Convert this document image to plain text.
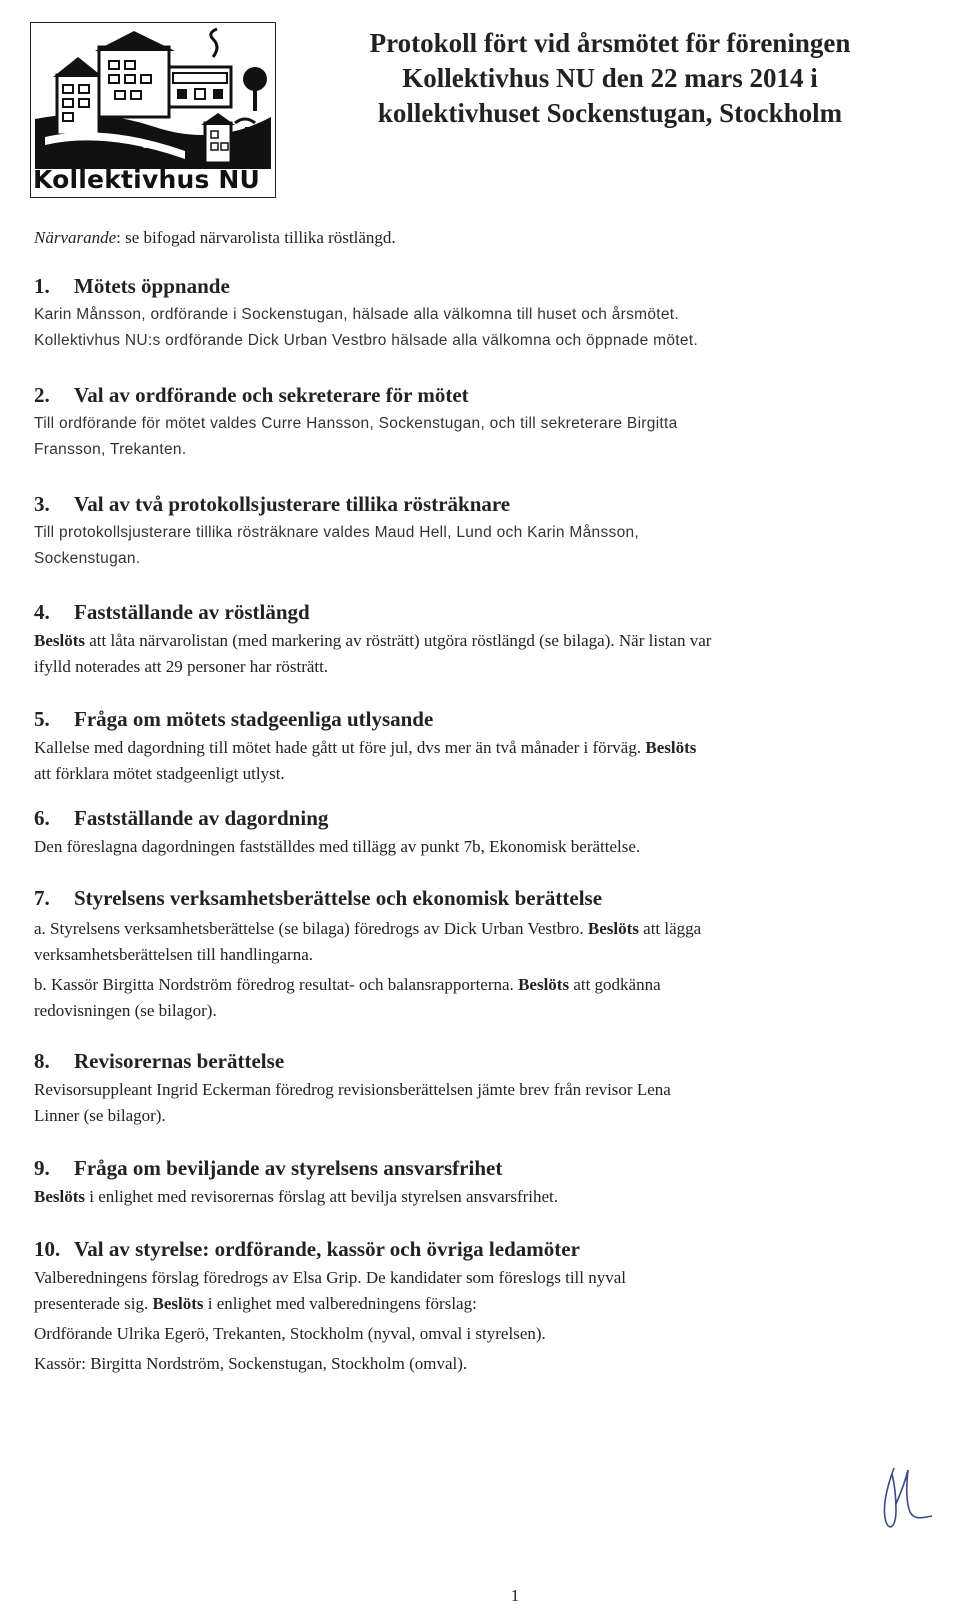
Kollektivhus NU
Protokoll fört vid årsmötet för föreningen
Kollektivhus NU den 22 mars 2014 i
kollektivhuset Sockenstugan, Stockholm
Närvarande: se bifogad närvarolista tillika röstlängd.
1. Mötets öppnande
Karin Månsson, ordförande i Sockenstugan, hälsade alla välkomna till huset och årsmötet.
Kollektivhus NU:s ordförande Dick Urban Vestbro hälsade alla välkomna och öppnade mötet.
2. Val av ordförande och sekreterare för mötet
Till ordförande för mötet valdes Curre Hansson, Sockenstugan, och till sekreterare Birgitta
Fransson, Trekanten.
3. Val av två protokollsjusterare tillika rösträknare
Till protokollsjusterare tillika rösträknare valdes Maud Hell, Lund och Karin Månsson,
Sockenstugan.
4. Fastställande av röstlängd
Beslöts att låta närvarolistan (med markering av rösträtt) utgöra röstlängd (se bilaga). När listan var
ifylld noterades att 29 personer har rösträtt.
5. Fråga om mötets stadgeenliga utlysande
Kallelse med dagordning till mötet hade gått ut före jul, dvs mer än två månader i förväg. Beslöts
att förklara mötet stadgeenligt utlyst.
6. Fastställande av dagordning
Den föreslagna dagordningen fastställdes med tillägg av punkt 7b, Ekonomisk berättelse.
7. Styrelsens verksamhetsberättelse och ekonomisk berättelse
a. Styrelsens verksamhetsberättelse (se bilaga) föredrogs av Dick Urban Vestbro. Beslöts att lägga
verksamhetsberättelsen till handlingarna.
b. Kassör Birgitta Nordström föredrog resultat- och balansrapporterna. Beslöts att godkänna
redovisningen (se bilagor).
8. Revisorernas berättelse
Revisorsuppleant Ingrid Eckerman föredrog revisionsberättelsen jämte brev från revisor Lena
Linner (se bilagor).
9. Fråga om beviljande av styrelsens ansvarsfrihet
Beslöts i enlighet med revisorernas förslag att bevilja styrelsen ansvarsfrihet.
10. Val av styrelse: ordförande, kassör och övriga ledamöter
Valberedningens förslag föredrogs av Elsa Grip. De kandidater som föreslogs till nyval
presenterade sig. Beslöts i enlighet med valberedningens förslag:
Ordförande Ulrika Egerö, Trekanten, Stockholm (nyval, omval i styrelsen).
Kassör: Birgitta Nordström, Sockenstugan, Stockholm (omval).
1
